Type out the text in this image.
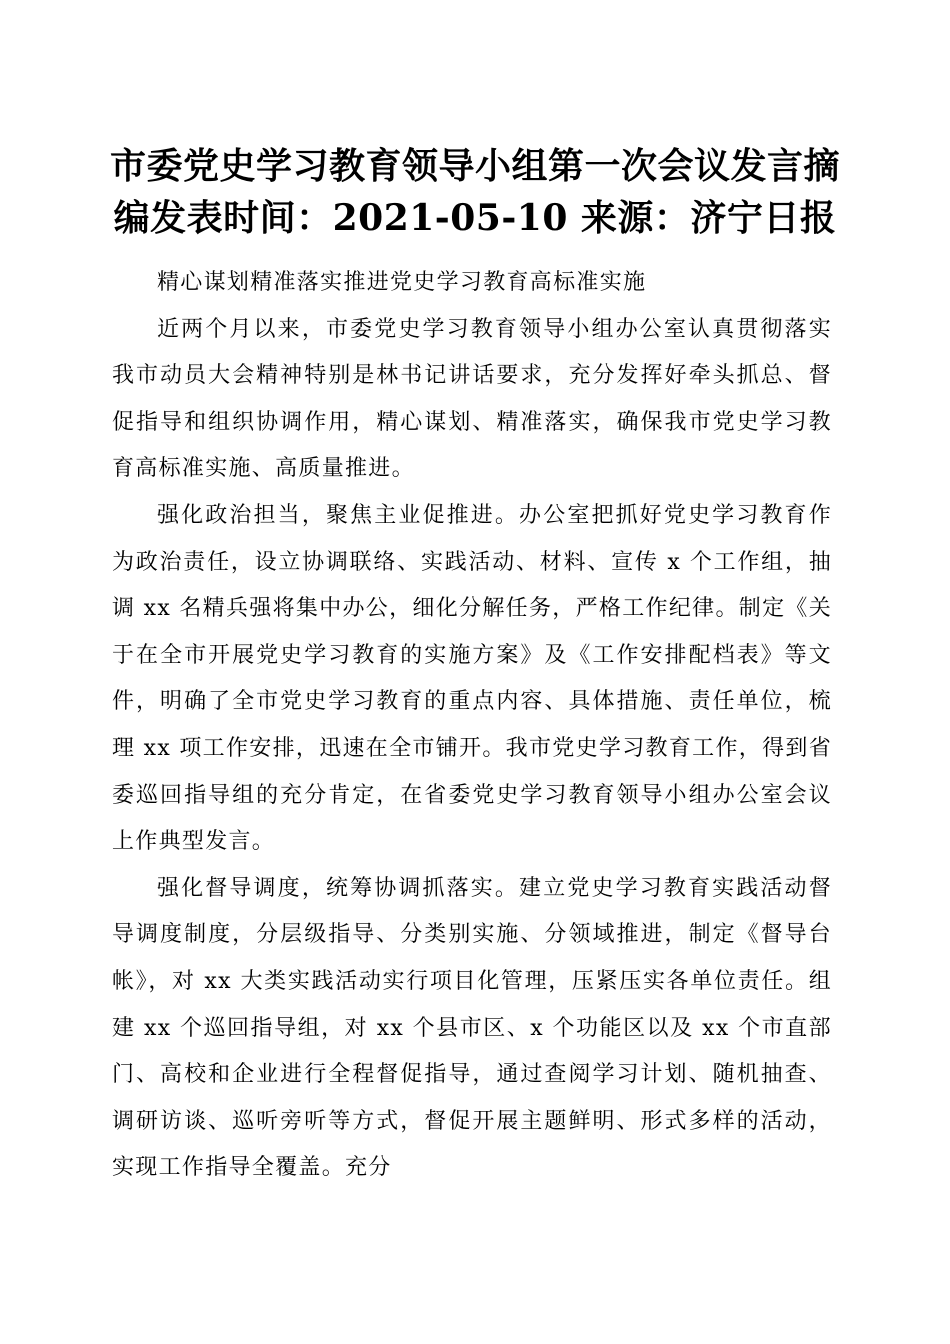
市委党史学习教育领导小组第一次会议发言摘
编发表时间：2021-05-10 来源：济宁日报
精心谋划精准落实推进党史学习教育高标准实施

近两个月以来，市委党史学习教育领导小组办公室认真贯彻落实我市动员大会精神特别是林书记讲话要求，充分发挥好牵头抓总、督促指导和组织协调作用，精心谋划、精准落实，确保我市党史学习教育高标准实施、高质量推进。

强化政治担当，聚焦主业促推进。办公室把抓好党史学习教育作为政治责任，设立协调联络、实践活动、材料、宣传 x 个工作组，抽调 xx 名精兵强将集中办公，细化分解任务，严格工作纪律。制定《关于在全市开展党史学习教育的实施方案》及《工作安排配档表》等文件，明确了全市党史学习教育的重点内容、具体措施、责任单位，梳理 xx 项工作安排，迅速在全市铺开。我市党史学习教育工作，得到省委巡回指导组的充分肯定，在省委党史学习教育领导小组办公室会议上作典型发言。

强化督导调度，统筹协调抓落实。建立党史学习教育实践活动督导调度制度，分层级指导、分类别实施、分领域推进，制定《督导台帐》，对 xx 大类实践活动实行项目化管理，压紧压实各单位责任。组建 xx 个巡回指导组，对 xx 个县市区、x 个功能区以及 xx 个市直部门、高校和企业进行全程督促指导，通过查阅学习计划、随机抽查、调研访谈、巡听旁听等方式，督促开展主题鲜明、形式多样的活动，实现工作指导全覆盖。充分
